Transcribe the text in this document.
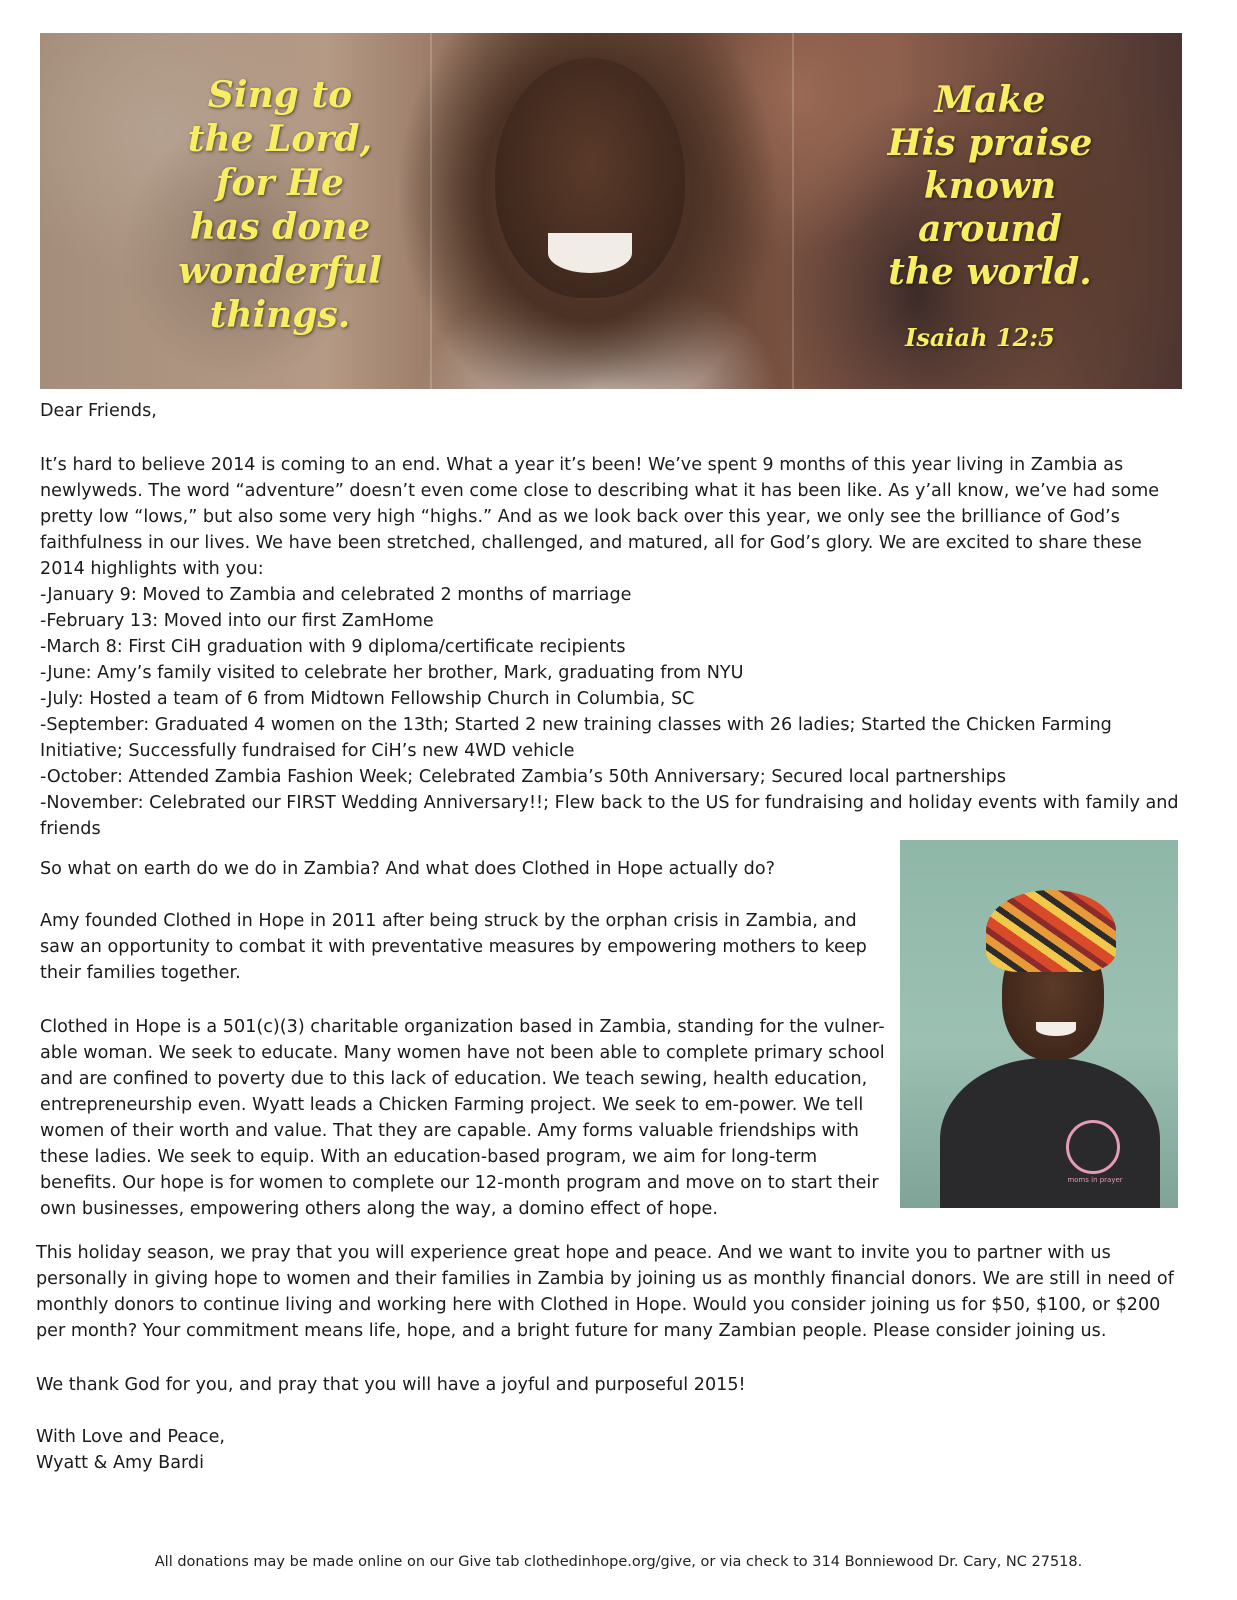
Sing to
the Lord,
for He
has done
wonderful
things.
Make
His praise
known
around
the world.
Isaiah 12:5
Dear Friends,
It’s hard to believe 2014 is coming to an end. What a year it’s been! We’ve spent 9 months of this year living in Zambia as newlyweds. The word “adventure” doesn’t even come close to describing what it has been like. As y’all know, we’ve had some pretty low “lows,” but also some very high “highs.” And as we look back over this year, we only see the brilliance of God’s faithfulness in our lives. We have been stretched, challenged, and matured, all for God’s glory. We are excited to share these 2014 highlights with you:
-January 9: Moved to Zambia and celebrated 2 months of marriage
-February 13: Moved into our first ZamHome
-March 8: First CiH graduation with 9 diploma/certificate recipients
-June: Amy’s family visited to celebrate her brother, Mark, graduating from NYU
-July: Hosted a team of 6 from Midtown Fellowship Church in Columbia, SC
-September: Graduated 4 women on the 13th; Started 2 new training classes with 26 ladies; Started the Chicken Farming Initiative; Successfully fundraised for CiH’s new 4WD vehicle
-October: Attended Zambia Fashion Week; Celebrated Zambia’s 50th Anniversary; Secured local partnerships
-November: Celebrated our FIRST Wedding Anniversary!!; Flew back to the US for fundraising and holiday events with family and friends
So what on earth do we do in Zambia? And what does Clothed in Hope actually do?
Amy founded Clothed in Hope in 2011 after being struck by the orphan crisis in Zambia, and saw an opportunity to combat it with preventative measures by empowering mothers to keep their families together.
Clothed in Hope is a 501(c)(3) charitable organization based in Zambia, standing for the vulner-able woman. We seek to educate. Many women have not been able to complete primary school and are confined to poverty due to this lack of education. We teach sewing, health education, entrepreneurship even. Wyatt leads a Chicken Farming project. We seek to em-power. We tell women of their worth and value. That they are capable. Amy forms valuable friendships with these ladies. We seek to equip. With an education-based program, we aim for long-term benefits. Our hope is for women to complete our 12-month program and move on to start their own businesses, empowering others along the way, a domino effect of hope.
moms in prayer
This holiday season, we pray that you will experience great hope and peace. And we want to invite you to partner with us personally in giving hope to women and their families in Zambia by joining us as monthly financial donors. We are still in need of monthly donors to continue living and working here with Clothed in Hope. Would you consider joining us for $50, $100, or $200 per month? Your commitment means life, hope, and a bright future for many Zambian people. Please consider joining us.
We thank God for you, and pray that you will have a joyful and purposeful 2015!
With Love and Peace,
Wyatt & Amy Bardi
All donations may be made online on our Give tab clothedinhope.org/give, or via check to 314 Bonniewood Dr. Cary, NC 27518.
